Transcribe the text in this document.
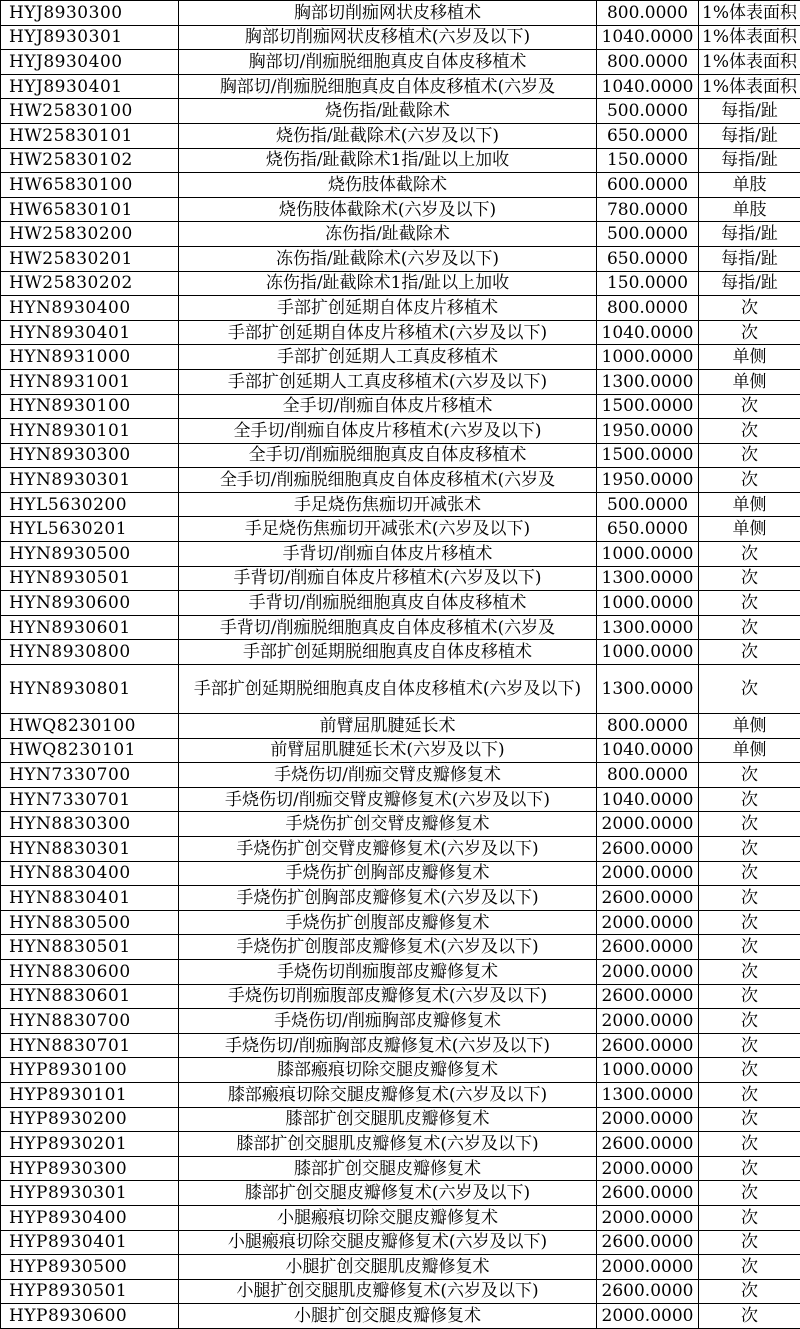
HYJ8930300	胸部切削痂网状皮移植术	800.0000	1%体表面积
HYJ8930301	胸部切削痂网状皮移植术(六岁及以下)	1040.0000	1%体表面积
HYJ8930400	胸部切/削痂脱细胞真皮自体皮移植术	800.0000	1%体表面积
HYJ8930401	胸部切/削痂脱细胞真皮自体皮移植术(六岁及	1040.0000	1%体表面积
HW25830100	烧伤指/趾截除术	500.0000	每指/趾
HW25830101	烧伤指/趾截除术(六岁及以下)	650.0000	每指/趾
HW25830102	烧伤指/趾截除术1指/趾以上加收	150.0000	每指/趾
HW65830100	烧伤肢体截除术	600.0000	单肢
HW65830101	烧伤肢体截除术(六岁及以下)	780.0000	单肢
HW25830200	冻伤指/趾截除术	500.0000	每指/趾
HW25830201	冻伤指/趾截除术(六岁及以下)	650.0000	每指/趾
HW25830202	冻伤指/趾截除术1指/趾以上加收	150.0000	每指/趾
HYN8930400	手部扩创延期自体皮片移植术	800.0000	次
HYN8930401	手部扩创延期自体皮片移植术(六岁及以下)	1040.0000	次
HYN8931000	手部扩创延期人工真皮移植术	1000.0000	单侧
HYN8931001	手部扩创延期人工真皮移植术(六岁及以下)	1300.0000	单侧
HYN8930100	全手切/削痂自体皮片移植术	1500.0000	次
HYN8930101	全手切/削痂自体皮片移植术(六岁及以下)	1950.0000	次
HYN8930300	全手切/削痂脱细胞真皮自体皮移植术	1500.0000	次
HYN8930301	全手切/削痂脱细胞真皮自体皮移植术(六岁及	1950.0000	次
HYL5630200	手足烧伤焦痂切开减张术	500.0000	单侧
HYL5630201	手足烧伤焦痂切开减张术(六岁及以下)	650.0000	单侧
HYN8930500	手背切/削痂自体皮片移植术	1000.0000	次
HYN8930501	手背切/削痂自体皮片移植术(六岁及以下)	1300.0000	次
HYN8930600	手背切/削痂脱细胞真皮自体皮移植术	1000.0000	次
HYN8930601	手背切/削痂脱细胞真皮自体皮移植术(六岁及	1300.0000	次
HYN8930800	手部扩创延期脱细胞真皮自体皮移植术	1000.0000	次
HYN8930801	手部扩创延期脱细胞真皮自体皮移植术(六岁及以下)	1300.0000	次
HWQ8230100	前臂屈肌腱延长术	800.0000	单侧
HWQ8230101	前臂屈肌腱延长术(六岁及以下)	1040.0000	单侧
HYN7330700	手烧伤切/削痂交臂皮瓣修复术	800.0000	次
HYN7330701	手烧伤切/削痂交臂皮瓣修复术(六岁及以下)	1040.0000	次
HYN8830300	手烧伤扩创交臂皮瓣修复术	2000.0000	次
HYN8830301	手烧伤扩创交臂皮瓣修复术(六岁及以下)	2600.0000	次
HYN8830400	手烧伤扩创胸部皮瓣修复术	2000.0000	次
HYN8830401	手烧伤扩创胸部皮瓣修复术(六岁及以下)	2600.0000	次
HYN8830500	手烧伤扩创腹部皮瓣修复术	2000.0000	次
HYN8830501	手烧伤扩创腹部皮瓣修复术(六岁及以下)	2600.0000	次
HYN8830600	手烧伤切削痂腹部皮瓣修复术	2000.0000	次
HYN8830601	手烧伤切削痂腹部皮瓣修复术(六岁及以下)	2600.0000	次
HYN8830700	手烧伤切/削痂胸部皮瓣修复术	2000.0000	次
HYN8830701	手烧伤切/削痂胸部皮瓣修复术(六岁及以下)	2600.0000	次
HYP8930100	膝部瘢痕切除交腿皮瓣修复术	1000.0000	次
HYP8930101	膝部瘢痕切除交腿皮瓣修复术(六岁及以下)	1300.0000	次
HYP8930200	膝部扩创交腿肌皮瓣修复术	2000.0000	次
HYP8930201	膝部扩创交腿肌皮瓣修复术(六岁及以下)	2600.0000	次
HYP8930300	膝部扩创交腿皮瓣修复术	2000.0000	次
HYP8930301	膝部扩创交腿皮瓣修复术(六岁及以下)	2600.0000	次
HYP8930400	小腿瘢痕切除交腿皮瓣修复术	2000.0000	次
HYP8930401	小腿瘢痕切除交腿皮瓣修复术(六岁及以下)	2600.0000	次
HYP8930500	小腿扩创交腿肌皮瓣修复术	2000.0000	次
HYP8930501	小腿扩创交腿肌皮瓣修复术(六岁及以下)	2600.0000	次
HYP8930600	小腿扩创交腿皮瓣修复术	2000.0000	次
